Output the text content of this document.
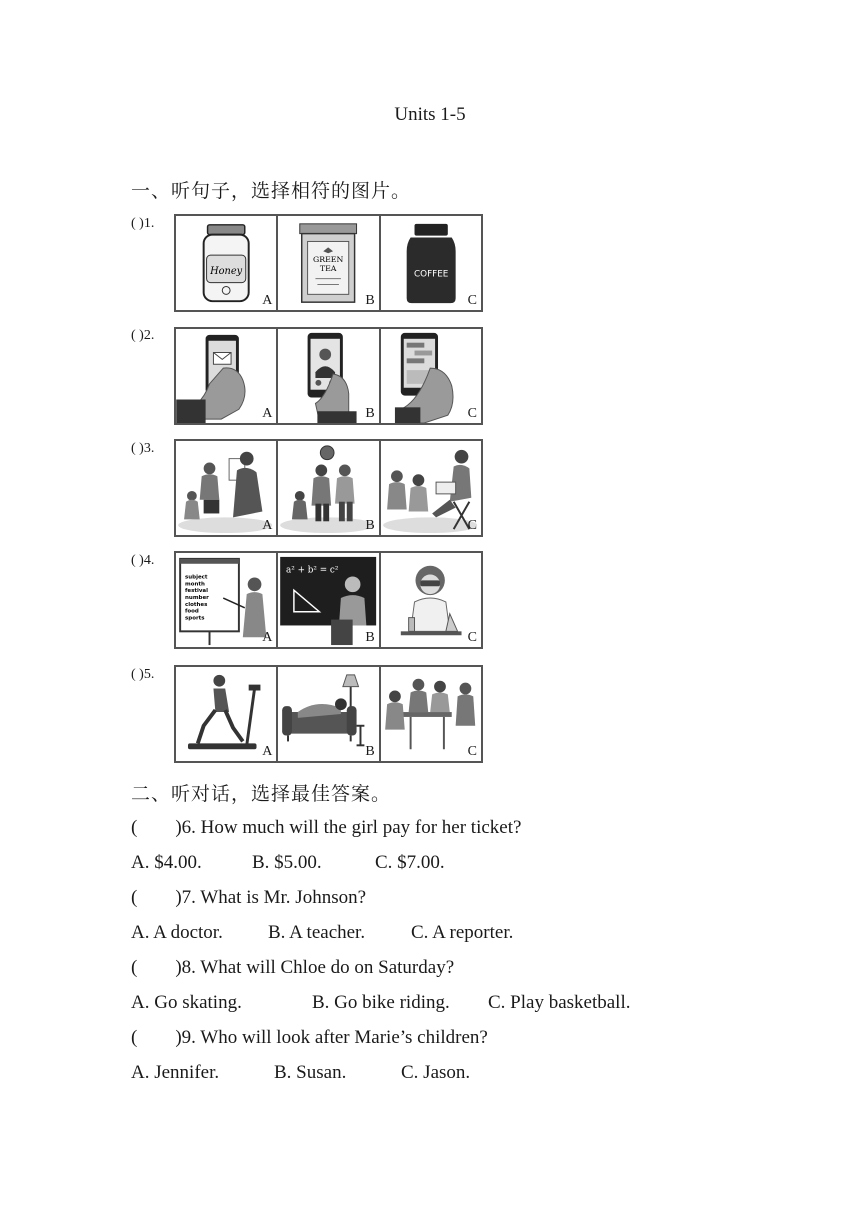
Units 1-5
一、听句子，选择相符的图片。
( )1.
Honey
A
GREEN
TEA
B
COFFEE
C
( )2.
A	B	C
( )3.
A	B	C
( )4.
subject
month
festival
number
clothes
food
sports
A
a² + b² = c²
B	C
( )5.
A	B	C
二、听对话，选择最佳答案。
(        )6. How much will the girl pay for her ticket?
A. $4.00.	B. $5.00.	C. $7.00.
(        )7. What is Mr. Johnson?
A. A doctor. B. A teacher. C. A reporter.
(        )8. What will Chloe do on Saturday?
A. Go skating.	B. Go bike riding. C. Play basketball.
(        )9. Who will look after Marie’s children?
A. Jennifer.	B. Susan.	C. Jason.
